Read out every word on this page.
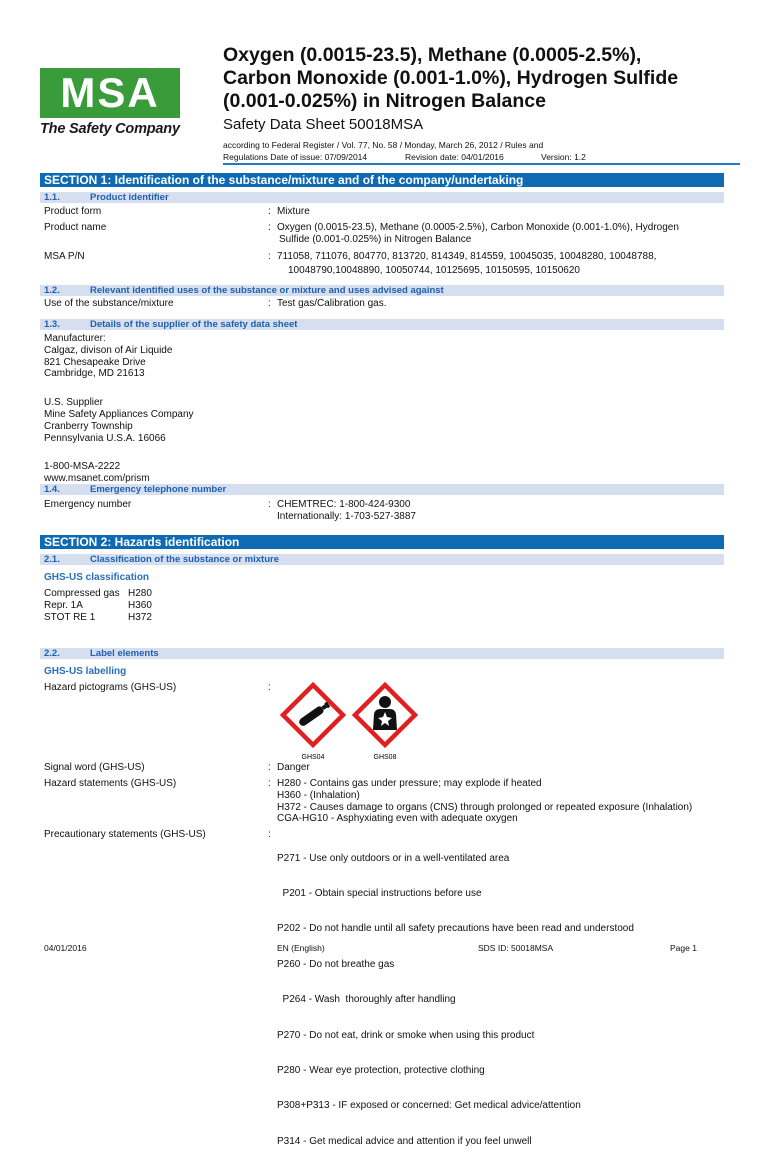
MSA
The Safety Company
Oxygen (0.0015-23.5), Methane (0.0005-2.5%),
Carbon Monoxide (0.001-1.0%), Hydrogen Sulfide
(0.001-0.025%) in Nitrogen Balance
Safety Data Sheet 50018MSA
according to Federal Register / Vol. 77, No. 58 / Monday, March 26, 2012 / Rules and
Regulations Date of issue: 07/09/2014	Revision date: 04/01/2016	Version: 1.2
SECTION 1: Identification of the substance/mixture and of the company/undertaking
1.1.	Product identifier
Product form	: Mixture
Product name	: Oxygen (0.0015-23.5), Methane (0.0005-2.5%), Carbon Monoxide (0.001-1.0%), Hydrogen
Sulfide (0.001-0.025%) in Nitrogen Balance
MSA P/N	: 711058, 711076, 804770, 813720, 814349, 814559, 10045035, 10048280, 10048788,
10048790,10048890, 10050744, 10125695, 10150595, 10150620
1.2.	Relevant identified uses of the substance or mixture and uses advised against
Use of the substance/mixture	: Test gas/Calibration gas.
1.3.	Details of the supplier of the safety data sheet
Manufacturer:
Calgaz, divison of Air Liquide
821 Chesapeake Drive
Cambridge, MD 21613
U.S. Supplier
Mine Safety Appliances Company
Cranberry Township
Pennsylvania U.S.A. 16066
1-800-MSA-2222
www.msanet.com/prism
1.4.	Emergency telephone number
Emergency number	: CHEMTREC: 1-800-424-9300
Internationally: 1-703-527-3887
SECTION 2: Hazards identification
2.1.	Classification of the substance or mixture
GHS-US classification
Compressed gas H280
Repr. 1A	H360
STOT RE 1	H372
2.2.	Label elements
GHS-US labelling
Hazard pictograms (GHS-US)	:
GHS04	GHS08
Signal word (GHS-US)	: Danger
Hazard statements (GHS-US)	: H280 - Contains gas under pressure; may explode if heated
H360 - (Inhalation)
H372 - Causes damage to organs (CNS) through prolonged or repeated exposure (Inhalation)
CGA-HG10 - Asphyxiating even with adequate oxygen
Precautionary statements (GHS-US)	:

P271 - Use only outdoors or in a well-ventilated area

P201 - Obtain special instructions before use

P202 - Do not handle until all safety precautions have been read and understood

P260 - Do not breathe gas

P264 - Wash  thoroughly after handling

P270 - Do not eat, drink or smoke when using this product

P280 - Wear eye protection, protective clothing

P308+P313 - IF exposed or concerned: Get medical advice/attention

P314 - Get medical advice and attention if you feel unwell

04/01/2016	EN (English)	SDS ID: 50018MSA	Page 1
